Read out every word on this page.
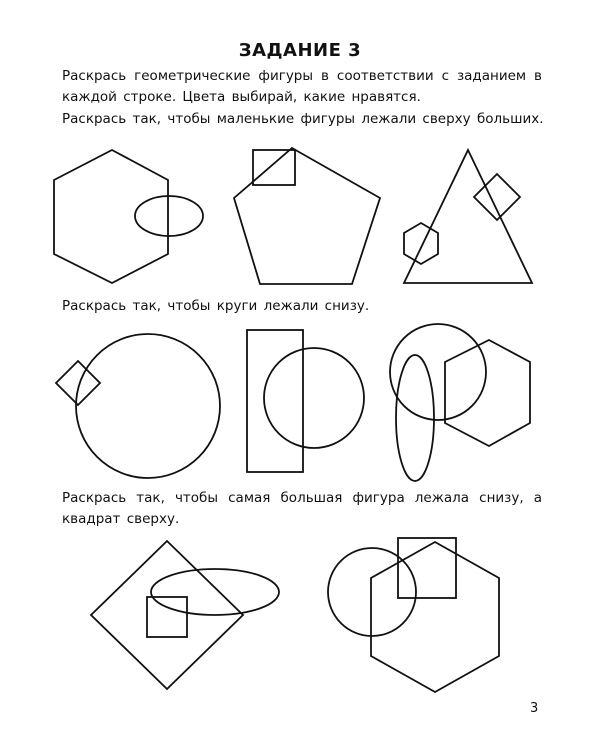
ЗАДАНИЕ 3

Раскрась геометрические фигуры в соответствии с заданием в каждой строке. Цвета выбирай, какие нравятся.

Раскрась так, чтобы маленькие фигуры лежали сверху больших.

Раскрась так, чтобы круги лежали снизу.

Раскрась так, чтобы самая большая фигура лежала снизу, а квадрат сверху.

3
